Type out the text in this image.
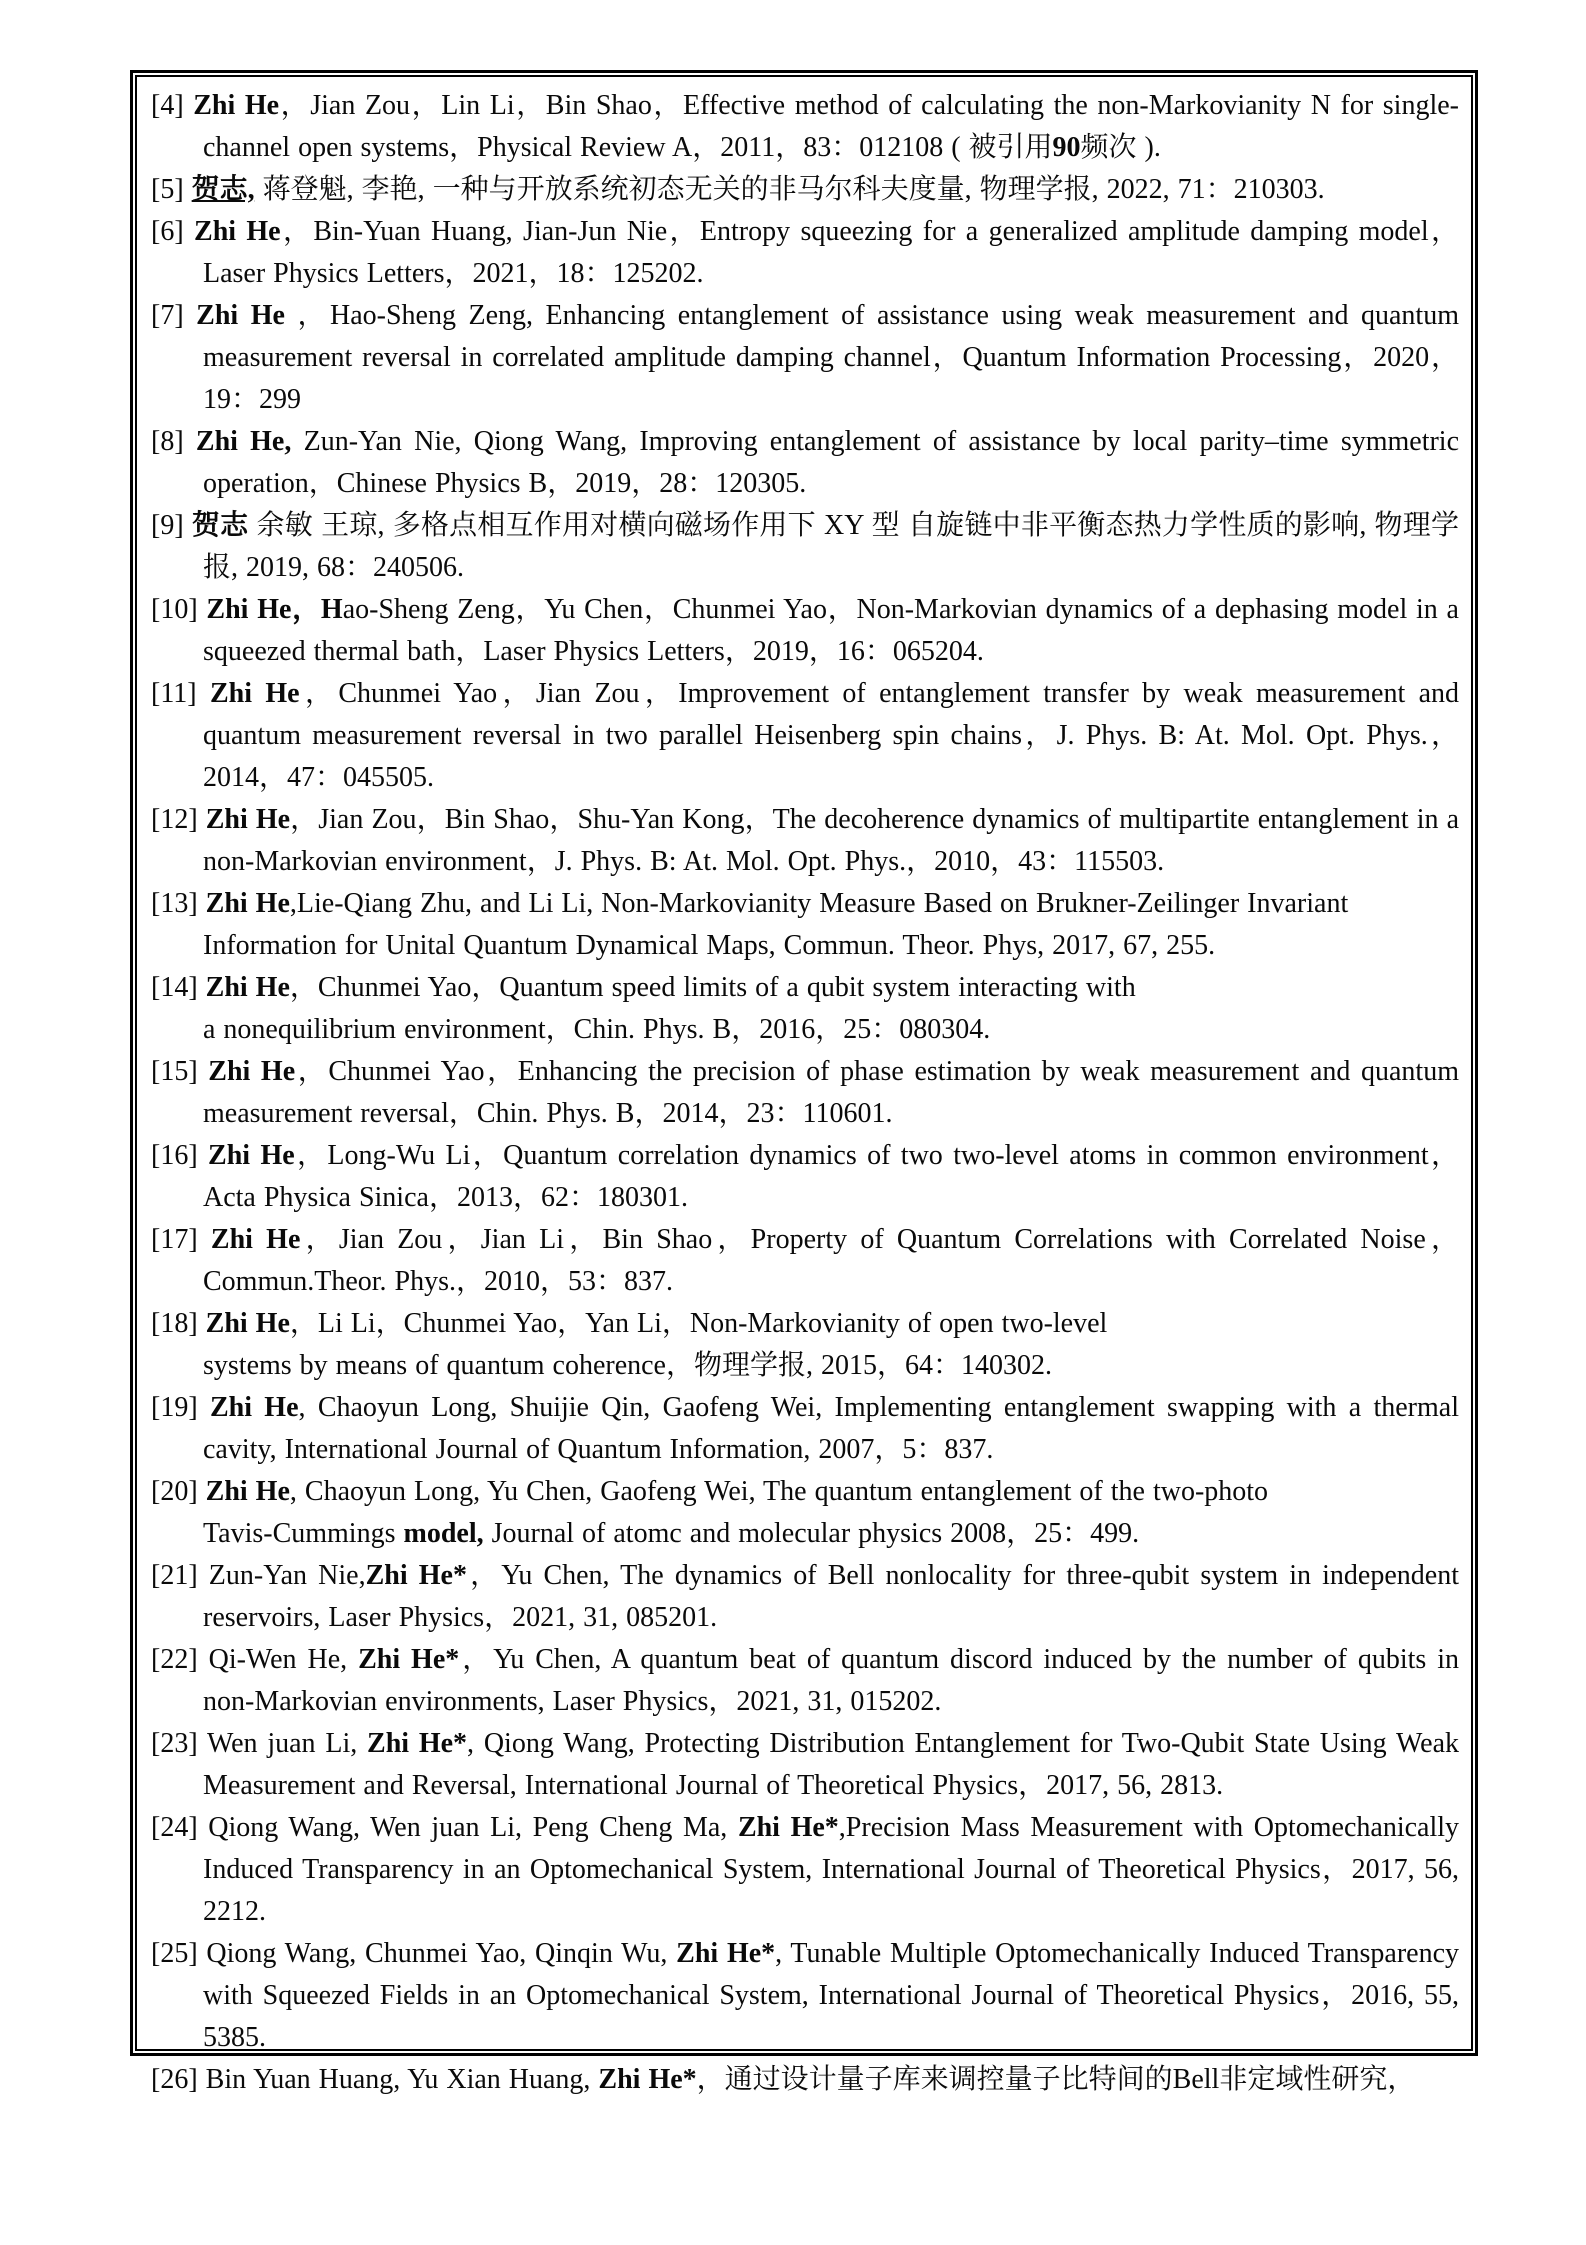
[4] Zhi He，Jian Zou，Lin Li，Bin Shao，Effective method of calculating the non-Markovianity N for single-channel open systems，Physical Review A，2011，83：012108 ( 被引用90频次 ).
[5] 贺志, 蒋登魁, 李艳, 一种与开放系统初态无关的非马尔科夫度量, 物理学报, 2022, 71：210303.
[6] Zhi He，Bin-Yuan Huang, Jian-Jun Nie，Entropy squeezing for a generalized amplitude damping model，Laser Physics Letters，2021，18：125202.
[7] Zhi He ，Hao-Sheng Zeng, Enhancing entanglement of assistance using weak measurement and quantum measurement reversal in correlated amplitude damping channel，Quantum Information Processing，2020，19：299
[8] Zhi He, Zun-Yan Nie, Qiong Wang, Improving entanglement of assistance by local parity–time symmetric operation，Chinese Physics B，2019，28：120305.
[9] 贺志 余敏 王琼, 多格点相互作用对横向磁场作用下 XY 型 自旋链中非平衡态热力学性质的影响, 物理学报, 2019, 68：240506.
[10] Zhi He，Hao-Sheng Zeng，Yu Chen，Chunmei Yao，Non-Markovian dynamics of a dephasing model in a squeezed thermal bath，Laser Physics Letters，2019，16：065204.
[11] Zhi He，Chunmei Yao，Jian Zou，Improvement of entanglement transfer by weak measurement and quantum measurement reversal in two parallel Heisenberg spin chains，J. Phys. B: At. Mol. Opt. Phys.，2014，47：045505.
[12] Zhi He，Jian Zou，Bin Shao，Shu-Yan Kong，The decoherence dynamics of multipartite entanglement in a non-Markovian environment，J. Phys. B: At. Mol. Opt. Phys.，2010，43：115503.
[13] Zhi He,Lie-Qiang Zhu, and Li Li, Non-Markovianity Measure Based on Brukner-Zeilinger Invariant
Information for Unital Quantum Dynamical Maps, Commun. Theor. Phys, 2017, 67, 255.
[14] Zhi He，Chunmei Yao，Quantum speed limits of a qubit system interacting with
a nonequilibrium environment，Chin. Phys. B，2016，25：080304.
[15] Zhi He，Chunmei Yao，Enhancing the precision of phase estimation by weak measurement and quantum measurement reversal，Chin. Phys. B，2014，23：110601.
[16] Zhi He，Long-Wu Li，Quantum correlation dynamics of two two-level atoms in common environment，Acta Physica Sinica，2013，62：180301.
[17] Zhi He，Jian Zou，Jian Li，Bin Shao，Property of Quantum Correlations with Correlated Noise，Commun.Theor. Phys.，2010，53：837.
[18] Zhi He，Li Li，Chunmei Yao，Yan Li，Non-Markovianity of open two-level
systems by means of quantum coherence，物理学报, 2015，64：140302.
[19] Zhi He, Chaoyun Long, Shuijie Qin, Gaofeng Wei, Implementing entanglement swapping with a thermal cavity, International Journal of Quantum Information, 2007，5：837.
[20] Zhi He, Chaoyun Long, Yu Chen, Gaofeng Wei, The quantum entanglement of the two-photo
Tavis-Cummings model, Journal of atomc and molecular physics 2008，25：499.
[21] Zun-Yan Nie,Zhi He*，Yu Chen, The dynamics of Bell nonlocality for three-qubit system in independent reservoirs, Laser Physics，2021, 31, 085201.
[22] Qi-Wen He, Zhi He*，Yu Chen, A quantum beat of quantum discord induced by the number of qubits in non-Markovian environments, Laser Physics，2021, 31, 015202.
[23] Wen juan Li, Zhi He*, Qiong Wang, Protecting Distribution Entanglement for Two-Qubit State Using Weak Measurement and Reversal, International Journal of Theoretical Physics，2017, 56, 2813.
[24] Qiong Wang, Wen juan Li, Peng Cheng Ma, Zhi He*,Precision Mass Measurement with Optomechanically Induced Transparency in an Optomechanical System, International Journal of Theoretical Physics，2017, 56, 2212.
[25] Qiong Wang, Chunmei Yao, Qinqin Wu, Zhi He*, Tunable Multiple Optomechanically Induced Transparency with Squeezed Fields in an Optomechanical System, International Journal of Theoretical Physics，2016, 55, 5385.
[26] Bin Yuan Huang, Yu Xian Huang, Zhi He*，通过设计量子库来调控量子比特间的Bell非定域性研究，
